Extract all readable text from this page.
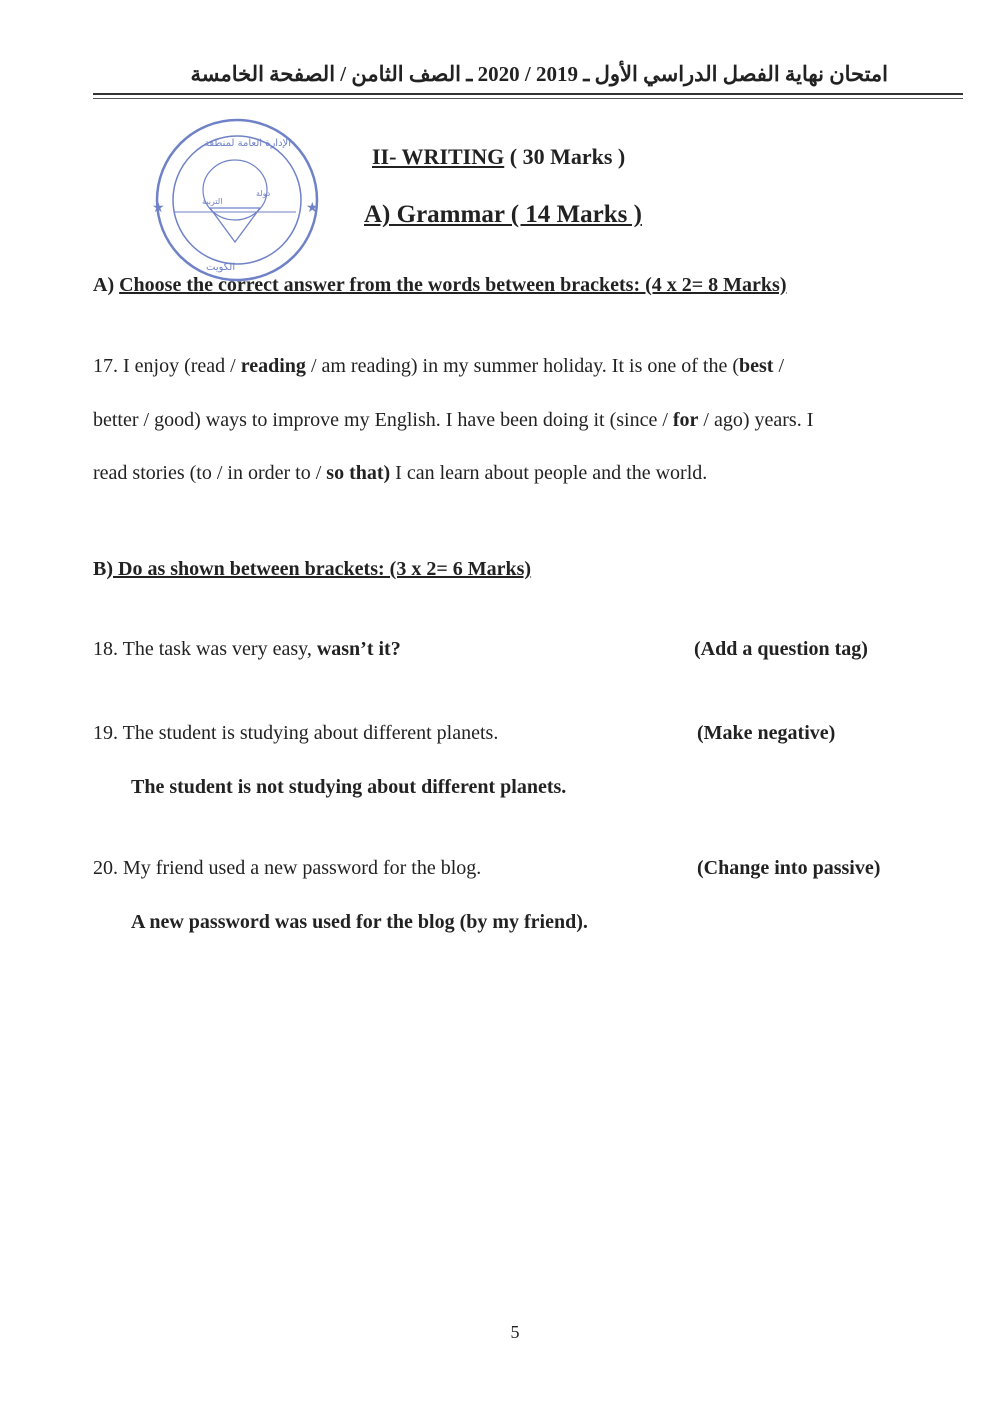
امتحان نهاية الفصل الدراسي الأول ـ 2019 / 2020 ـ الصف الثامن / الصفحة الخامسة
★	★
الإدارة العامة لمنطقة
التربية
دولة
الكويت
II- WRITING ( 30 Marks )
A) Grammar ( 14 Marks )
A) Choose the correct answer from the words between brackets: (4 x 2= 8 Marks)
17. I enjoy (read / reading / am reading) in my summer holiday. It is one of the (best /
better / good) ways to improve my English. I have been doing it (since / for / ago) years. I
read stories (to / in order to / so that) I can learn about people and the world.
B) Do as shown between brackets: (3 x 2= 6 Marks)
18. The task was very easy, wasn’t it?	(Add a question tag)
19. The student is studying about different planets.	(Make negative)
The student is not studying about different planets.
20. My friend used a new password for the blog.	(Change into passive)
A new password was used for the blog (by my friend).
5
